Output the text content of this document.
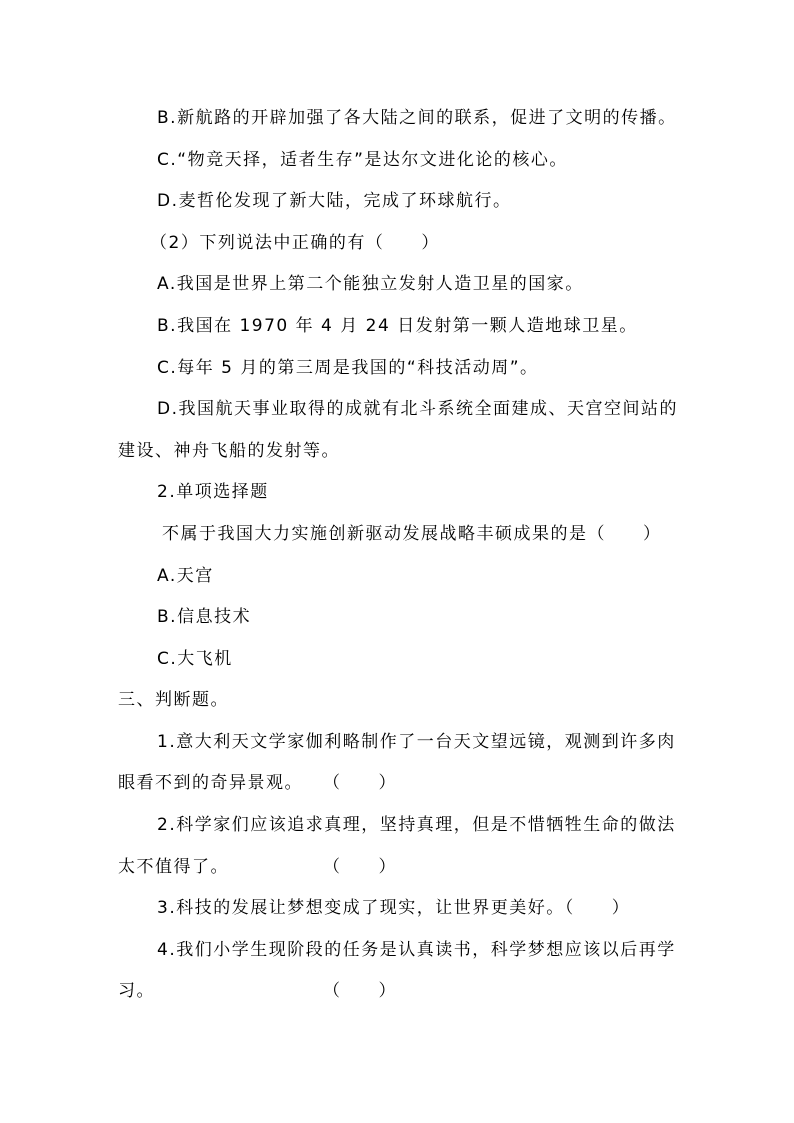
B.新航路的开辟加强了各大陆之间的联系，促进了文明的传播。
C.“物竞天择，适者生存”是达尔文进化论的核心。
D.麦哲伦发现了新大陆，完成了环球航行。
（2）下列说法中正确的有（　　）
A.我国是世界上第二个能独立发射人造卫星的国家。
B.我国在 1970 年 4 月 24 日发射第一颗人造地球卫星。
C.每年 5 月的第三周是我国的“科技活动周”。
D.我国航天事业取得的成就有北斗系统全面建成、天宫空间站的
建设、神舟飞船的发射等。
2.单项选择题
不属于我国大力实施创新驱动发展战略丰硕成果的是（　　）
A.天宫
B.信息技术
C.大飞机
三、判断题。
1.意大利天文学家伽利略制作了一台天文望远镜，观测到许多肉
眼看不到的奇异景观。　　（　　）
2.科学家们应该追求真理，坚持真理，但是不惜牺牲生命的做法
太不值得了。　　　　　　（　　）
3.科技的发展让梦想变成了现实，让世界更美好。（　　）
4.我们小学生现阶段的任务是认真读书，科学梦想应该以后再学
习。　　　　　　　　　　（　　）
